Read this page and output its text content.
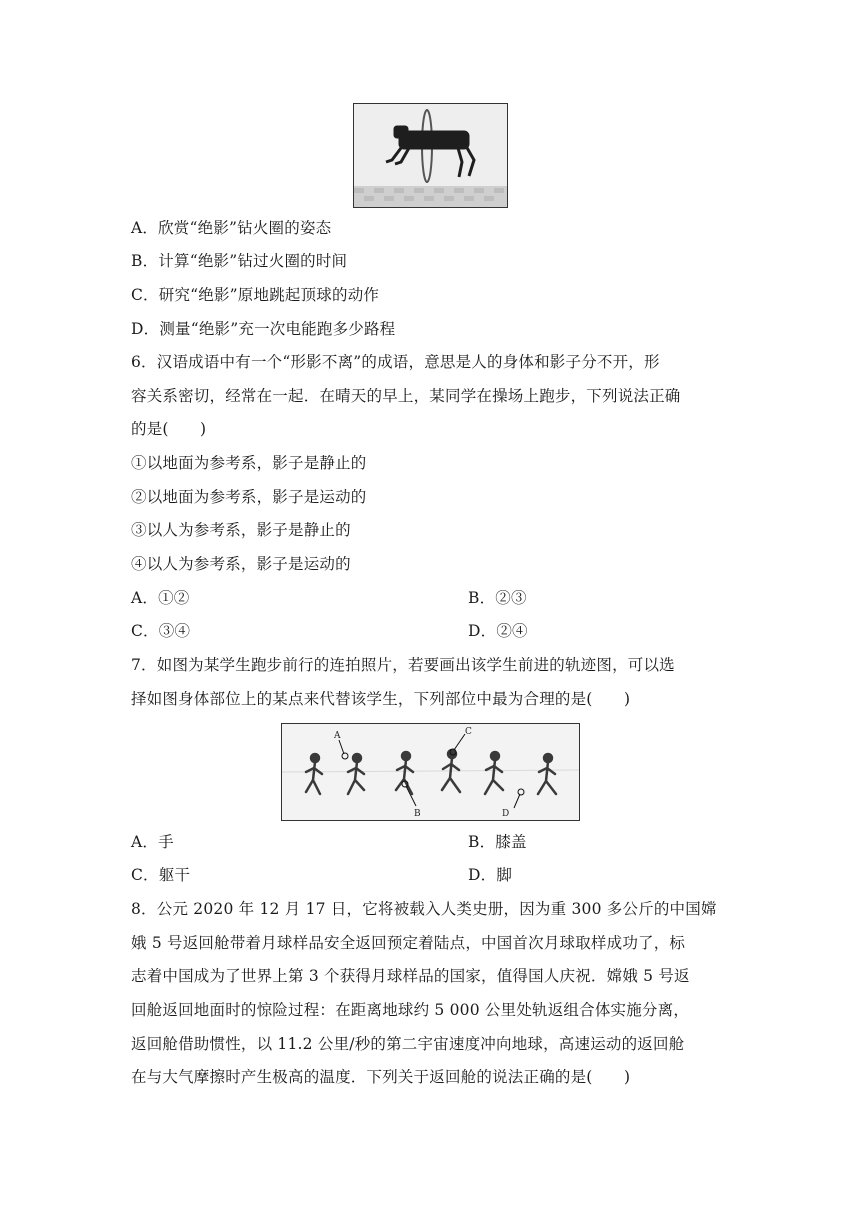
A．欣赏“绝影”钻火圈的姿态
B．计算“绝影”钻过火圈的时间
C．研究“绝影”原地跳起顶球的动作
D．测量“绝影”充一次电能跑多少路程
6．汉语成语中有一个“形影不离”的成语，意思是人的身体和影子分不开，形
容关系密切，经常在一起．在晴天的早上，某同学在操场上跑步，下列说法正确
的是(　　)
①以地面为参考系，影子是静止的
②以地面为参考系，影子是运动的
③以人为参考系，影子是静止的
④以人为参考系，影子是运动的
A．①②	B．②③
C．③④	D．②④
7．如图为某学生跑步前行的连拍照片，若要画出该学生前进的轨迹图，可以选
择如图身体部位上的某点来代替该学生，下列部位中最为合理的是(　　)
A
B
C
D
A．手	B．膝盖
C．躯干	D．脚
8．公元 2020 年 12 月 17 日，它将被载入人类史册，因为重 300 多公斤的中国嫦
娥 5 号返回舱带着月球样品安全返回预定着陆点，中国首次月球取样成功了，标
志着中国成为了世界上第 3 个获得月球样品的国家，值得国人庆祝．嫦娥 5 号返
回舱返回地面时的惊险过程：在距离地球约 5 000 公里处轨返组合体实施分离，
返回舱借助惯性，以 11.2 公里/秒的第二宇宙速度冲向地球，高速运动的返回舱
在与大气摩擦时产生极高的温度．下列关于返回舱的说法正确的是(　　)
